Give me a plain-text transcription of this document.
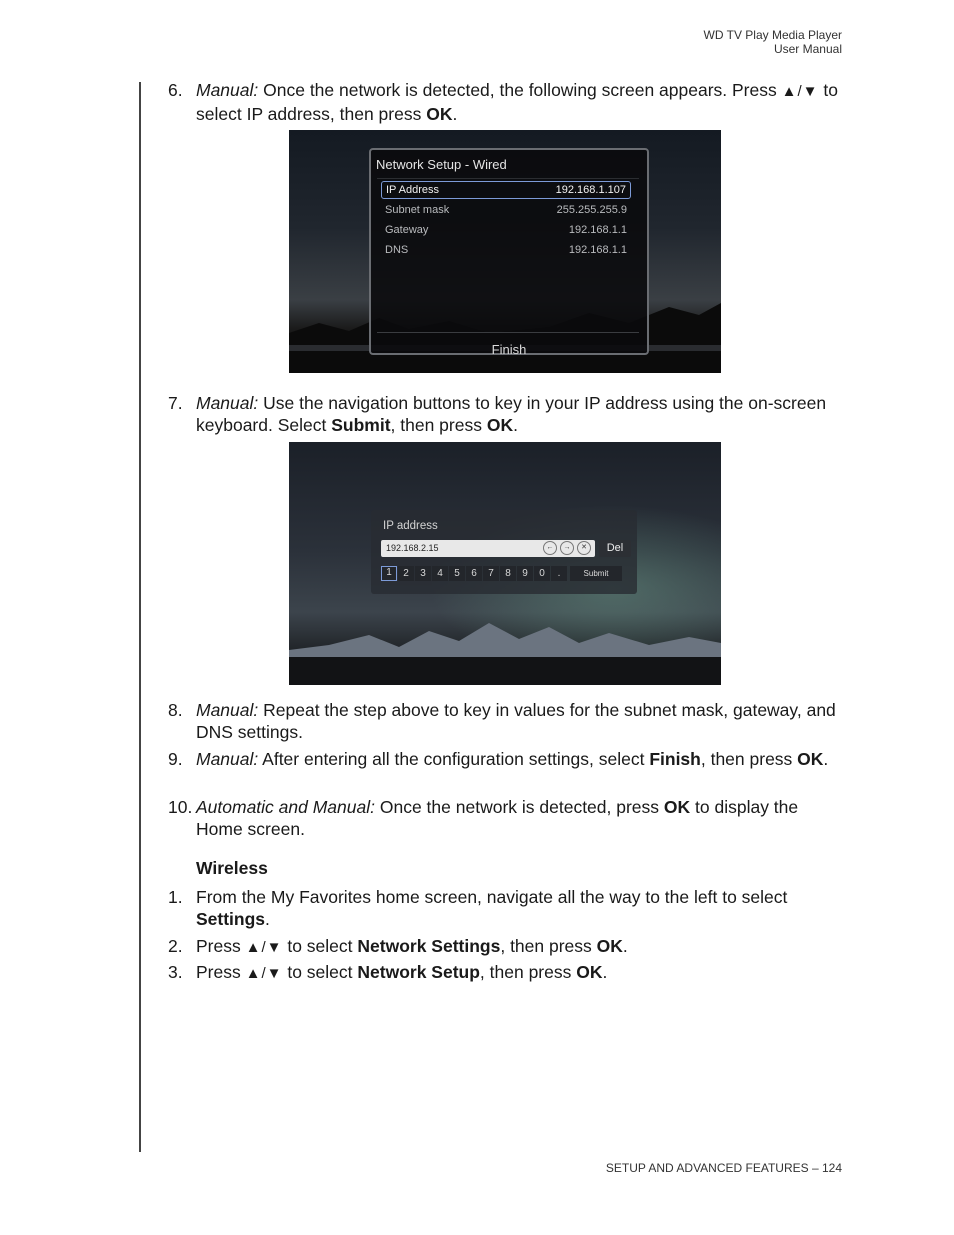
WD TV Play Media Player
User Manual
6. Manual: Once the network is detected, the following screen appears. Press ▲/▼ to select IP address, then press OK.
Network Setup - Wired
IP Address	192.168.1.107
Subnet mask	255.255.255.9
Gateway	192.168.1.1
DNS	192.168.1.1
Finish
7. Manual: Use the navigation buttons to key in your IP address using the on-screen keyboard. Select Submit, then press OK.
IP address
192.168.2.15	←	→	✕	Del
1	2	3	4	5	6	7	8	9	0	.	Submit
8. Manual: Repeat the step above to key in values for the subnet mask, gateway, and DNS settings.
9. Manual: After entering all the configuration settings, select Finish, then press OK.
10. Automatic and Manual: Once the network is detected, press OK to display the Home screen.
Wireless
1. From the My Favorites home screen, navigate all the way to the left to select Settings.
2. Press ▲/▼ to select Network Settings, then press OK.
3. Press ▲/▼ to select Network Setup, then press OK.
SETUP AND ADVANCED FEATURES – 124
